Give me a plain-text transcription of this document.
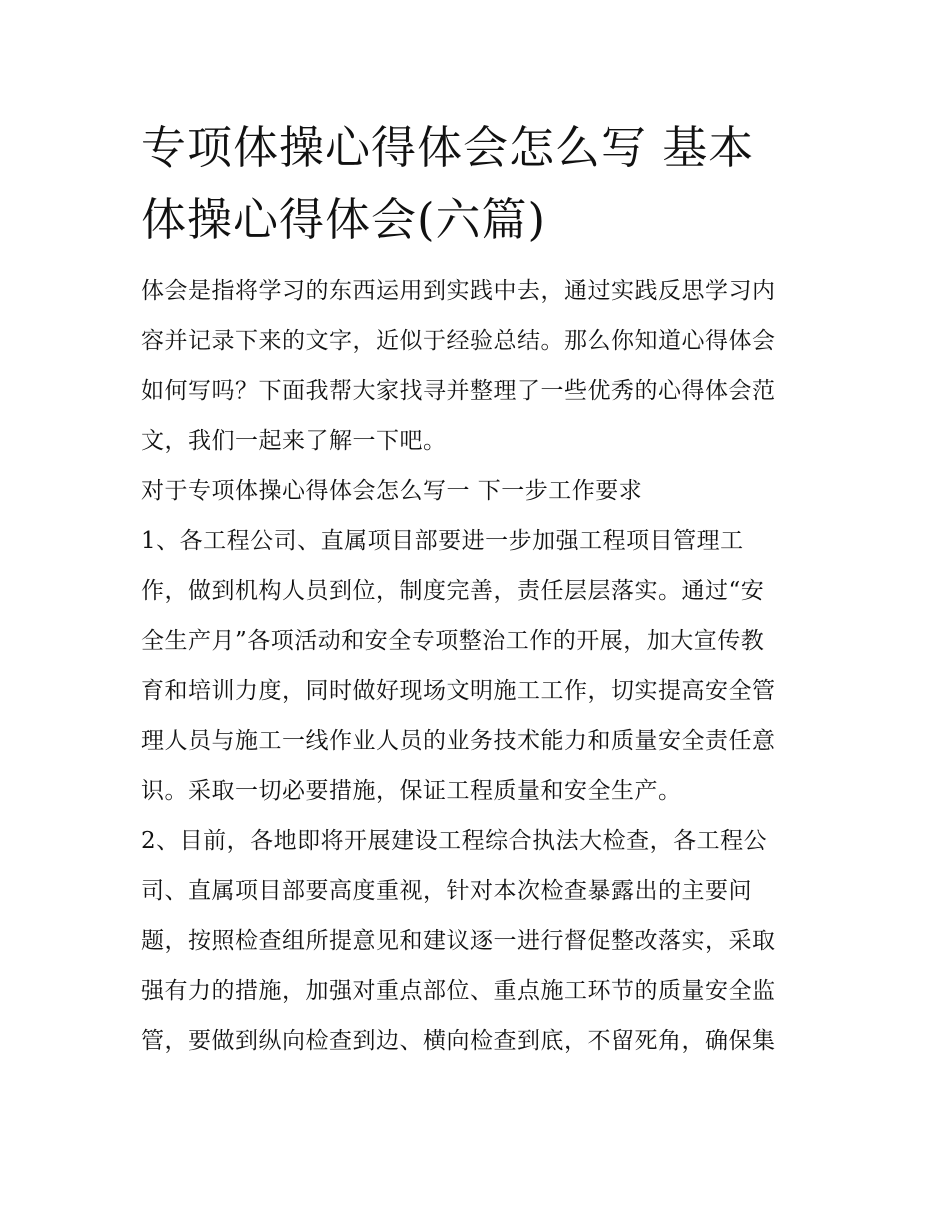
专项体操心得体会怎么写 基本
体操心得体会(六篇)

体会是指将学习的东西运用到实践中去，通过实践反思学习内
容并记录下来的文字，近似于经验总结。那么你知道心得体会
如何写吗？下面我帮大家找寻并整理了一些优秀的心得体会范
文，我们一起来了解一下吧。

对于专项体操心得体会怎么写一 下一步工作要求

1、各工程公司、直属项目部要进一步加强工程项目管理工
作，做到机构人员到位，制度完善，责任层层落实。通过“安
全生产月”各项活动和安全专项整治工作的开展，加大宣传教
育和培训力度，同时做好现场文明施工工作，切实提高安全管
理人员与施工一线作业人员的业务技术能力和质量安全责任意
识。采取一切必要措施，保证工程质量和安全生产。

2、目前，各地即将开展建设工程综合执法大检查，各工程公
司、直属项目部要高度重视，针对本次检查暴露出的主要问
题，按照检查组所提意见和建议逐一进行督促整改落实，采取
强有力的措施，加强对重点部位、重点施工环节的质量安全监
管，要做到纵向检查到边、横向检查到底，不留死角，确保集
